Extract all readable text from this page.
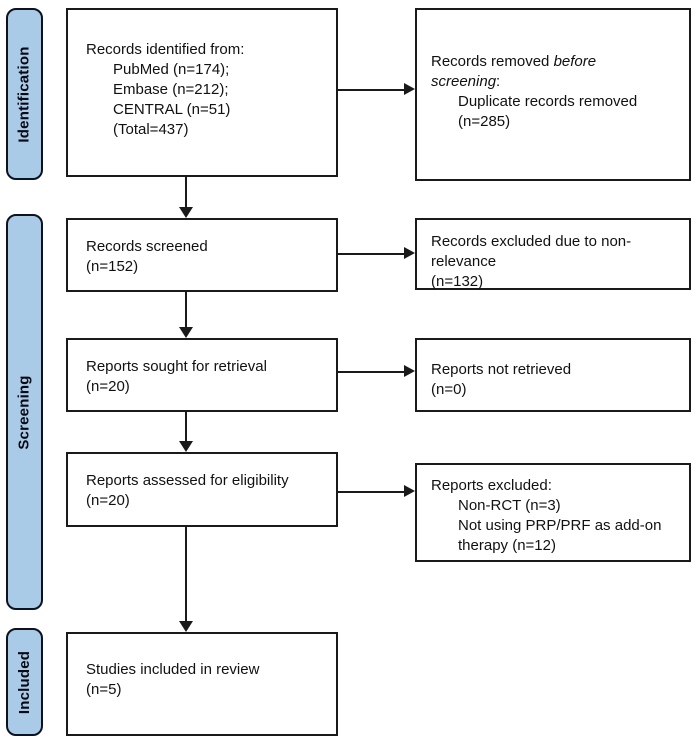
Identification
Screening
Included
Records identified from:
PubMed (n=174);
Embase (n=212);
CENTRAL (n=51)
(Total=437)
Records screened
(n=152)
Reports sought for retrieval
(n=20)
Reports assessed for eligibility
(n=20)
Studies included in review
(n=5)
Records removed before
screening:
Duplicate records removed
(n=285)
Records excluded due to non-relevance
(n=132)
Reports not retrieved
(n=0)
Reports excluded:
Non-RCT (n=3)
Not using PRP/PRF as add-on
therapy (n=12)
